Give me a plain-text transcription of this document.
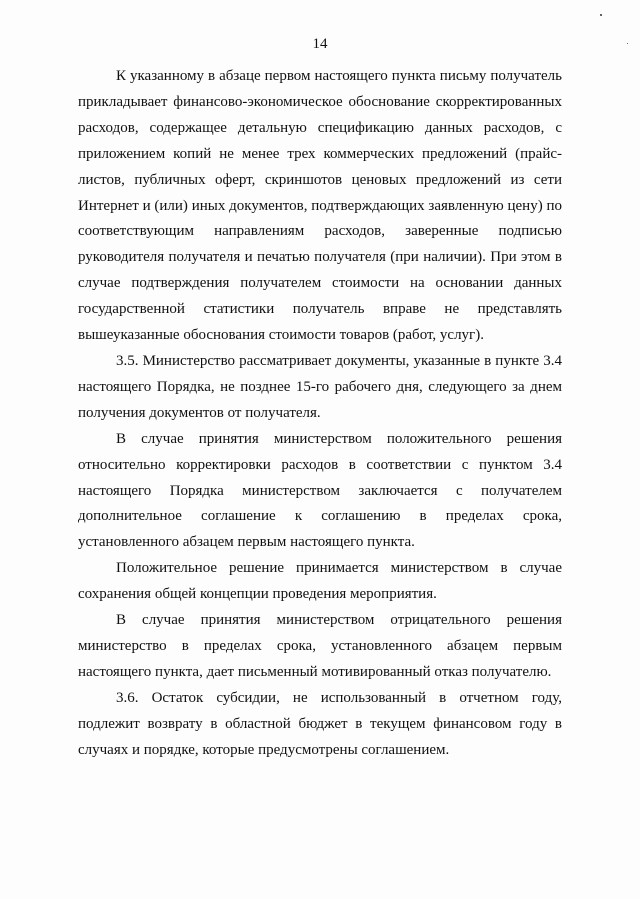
14

К указанному в абзаце первом настоящего пункта письму получатель прикладывает финансово-экономическое обоснование скорректированных расходов, содержащее детальную спецификацию данных расходов, с приложением копий не менее трех коммерческих предложений (прайс-листов, публичных оферт, скриншотов ценовых предложений из сети Интернет и (или) иных документов, подтверждающих заявленную цену) по соответствующим направлениям расходов, заверенные подписью руководителя получателя и печатью получателя (при наличии). При этом в случае подтверждения получателем стоимости на основании данных государственной статистики получатель вправе не представлять вышеуказанные обоснования стоимости товаров (работ, услуг).

3.5. Министерство рассматривает документы, указанные в пункте 3.4 настоящего Порядка, не позднее 15-го рабочего дня, следующего за днем получения документов от получателя.

В случае принятия министерством положительного решения относительно корректировки расходов в соответствии с пунктом 3.4 настоящего Порядка министерством заключается с получателем дополнительное соглашение к соглашению в пределах срока, установленного абзацем первым настоящего пункта.

Положительное решение принимается министерством в случае сохранения общей концепции проведения мероприятия.

В случае принятия министерством отрицательного решения министерство в пределах срока, установленного абзацем первым настоящего пункта, дает письменный мотивированный отказ получателю.

3.6. Остаток субсидии, не использованный в отчетном году, подлежит возврату в областной бюджет в текущем финансовом году в случаях и порядке, которые предусмотрены соглашением.
